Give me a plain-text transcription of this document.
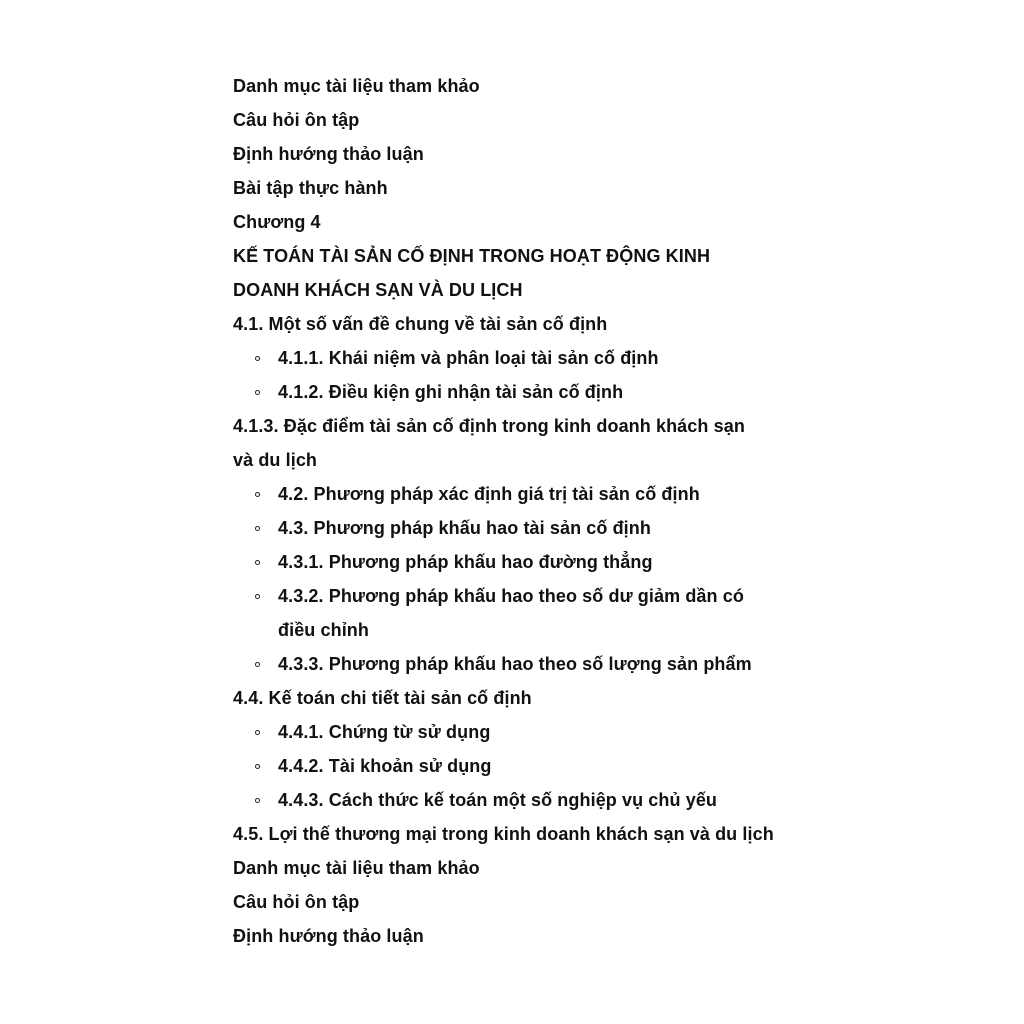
Danh mục tài liệu tham khảo
Câu hỏi ôn tập
Định hướng thảo luận
Bài tập thực hành
Chương 4
KẾ TOÁN TÀI SẢN CỐ ĐỊNH TRONG HOẠT ĐỘNG KINH
DOANH KHÁCH SẠN VÀ DU LỊCH
4.1. Một số vấn đề chung về tài sản cố định
4.1.1. Khái niệm và phân loại tài sản cố định
4.1.2. Điều kiện ghi nhận tài sản cố định
4.1.3. Đặc điểm tài sản cố định trong kinh doanh khách sạn
và du lịch
4.2. Phương pháp xác định giá trị tài sản cố định
4.3. Phương pháp khấu hao tài sản cố định
4.3.1. Phương pháp khấu hao đường thẳng
4.3.2. Phương pháp khấu hao theo số dư giảm dần có
điều chỉnh
4.3.3. Phương pháp khấu hao theo số lượng sản phẩm
4.4. Kế toán chi tiết tài sản cố định
4.4.1. Chứng từ sử dụng
4.4.2. Tài khoản sử dụng
4.4.3. Cách thức kế toán một số nghiệp vụ chủ yếu
4.5. Lợi thế thương mại trong kinh doanh khách sạn và du lịch
Danh mục tài liệu tham khảo
Câu hỏi ôn tập
Định hướng thảo luận
